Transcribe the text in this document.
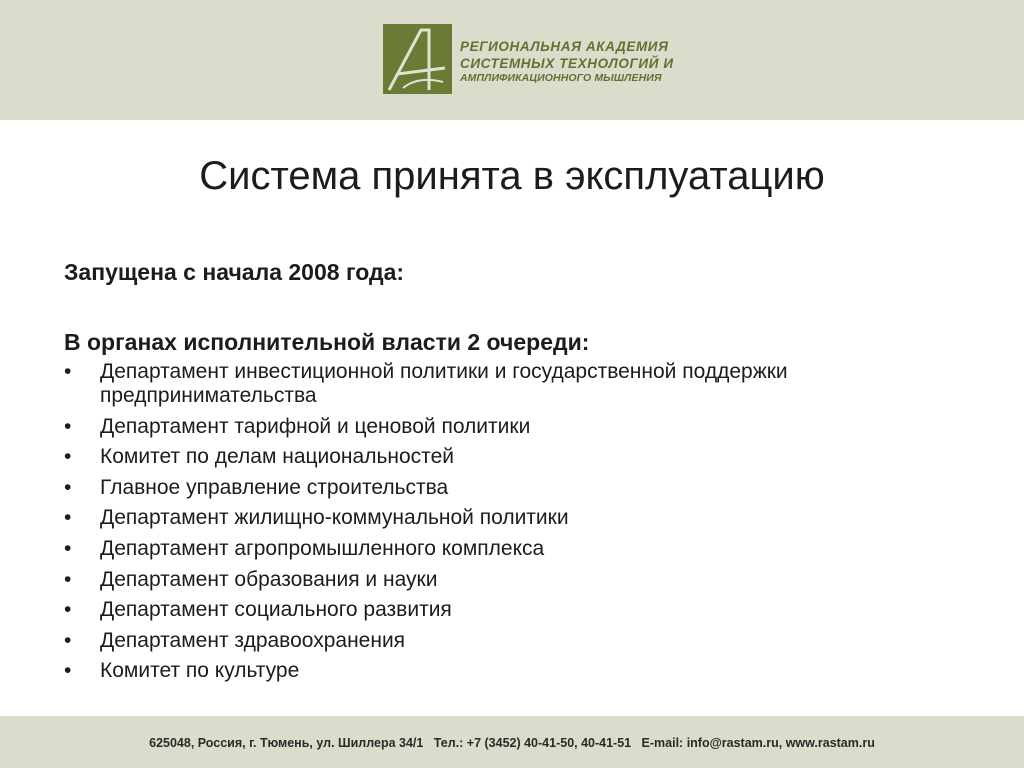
РЕГИОНАЛЬНАЯ АКАДЕМИЯ
СИСТЕМНЫХ ТЕХНОЛОГИЙ И
АМПЛИФИКАЦИОННОГО МЫШЛЕНИЯ
Система принята в эксплуатацию

Запущена с начала 2008 года:

В органах исполнительной власти 2 очереди:

•	Департамент инвестиционной политики и государственной поддержки предпринимательства
•	Департамент тарифной и ценовой политики
•	Комитет по делам национальностей
•	Главное управление строительства
•	Департамент жилищно-коммунальной политики
•	Департамент агропромышленного комплекса
•	Департамент образования и науки
•	Департамент социального развития
•	Департамент здравоохранения
•	Комитет по культуре
625048, Россия, г. Тюмень, ул. Шиллера 34/1   Тел.: +7 (3452) 40-41-50, 40-41-51   E-mail: info@rastam.ru, www.rastam.ru
